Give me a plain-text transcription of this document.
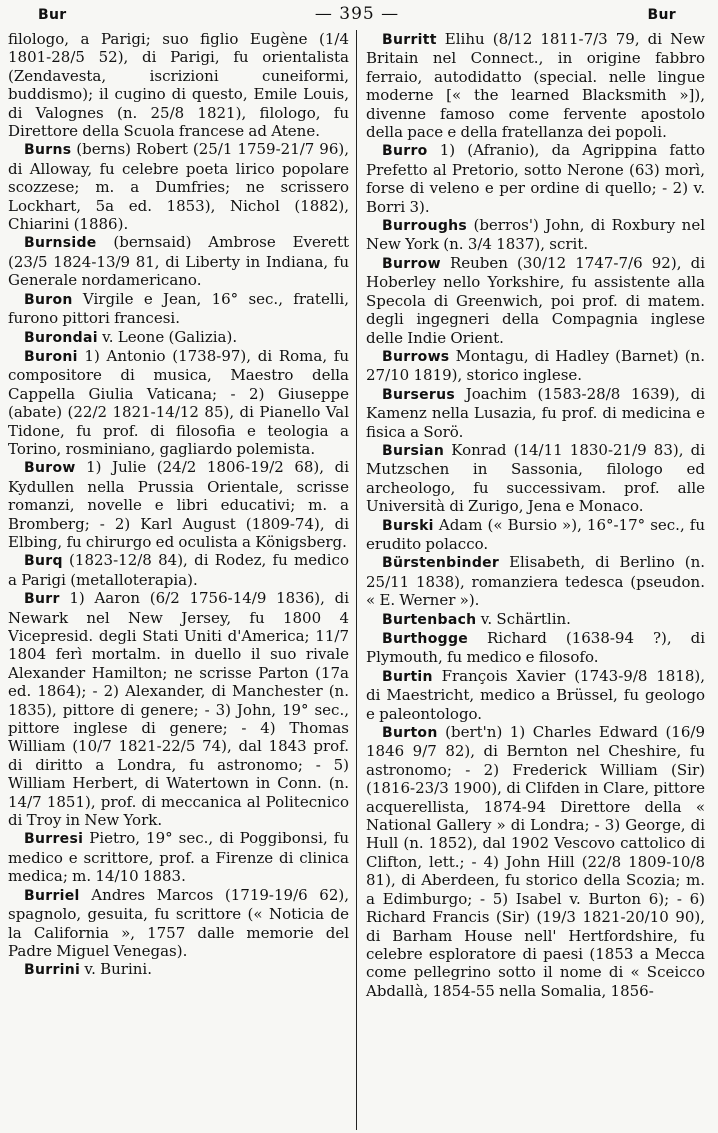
Bur	— 395 —	Bur

filologo, a Parigi; suo figlio Eugène (1/4 1801-28/5 52), di Parigi, fu orientalista (Zendavesta, iscrizioni cuneiformi, buddismo); il cugino di questo, Emile Louis, di Valognes (n. 25/8 1821), filologo, fu Direttore della Scuola francese ad Atene.

Burns (berns) Robert (25/1 1759-21/7 96), di Alloway, fu celebre poeta lirico popolare scozzese; m. a Dumfries; ne scrissero Lockhart, 5a ed. 1853), Nichol (1882), Chiarini (1886).

Burnside (bernsaid) Ambrose Everett (23/5 1824-13/9 81, di Liberty in Indiana, fu Generale nordamericano.

Buron Virgile e Jean, 16° sec., fratelli, furono pittori francesi.

Burondai v. Leone (Galizia).

Buroni 1) Antonio (1738-97), di Roma, fu compositore di musica, Maestro della Cappella Giulia Vaticana; - 2) Giuseppe (abate) (22/2 1821-14/12 85), di Pianello Val Tidone, fu prof. di filosofia e teologia a Torino, rosminiano, gagliardo polemista.

Burow 1) Julie (24/2 1806-19/2 68), di Kydullen nella Prussia Orientale, scrisse romanzi, novelle e libri educativi; m. a Bromberg; - 2) Karl August (1809-74), di Elbing, fu chirurgo ed oculista a Königsberg.

Burq (1823-12/8 84), di Rodez, fu medico a Parigi (metalloterapia).

Burr 1) Aaron (6/2 1756-14/9 1836), di Newark nel New Jersey, fu 1800 4 Vicepresid. degli Stati Uniti d'America; 11/7 1804 ferì mortalm. in duello il suo rivale Alexander Hamilton; ne scrisse Parton (17a ed. 1864); - 2) Alexander, di Manchester (n. 1835), pittore di genere; - 3) John, 19° sec., pittore inglese di genere; - 4) Thomas William (10/7 1821-22/5 74), dal 1843 prof. di diritto a Londra, fu astronomo; - 5) William Herbert, di Watertown in Conn. (n. 14/7 1851), prof. di meccanica al Politecnico di Troy in New York.

Burresi Pietro, 19° sec., di Poggibonsi, fu medico e scrittore, prof. a Firenze di clinica medica; m. 14/10 1883.

Burriel Andres Marcos (1719-19/6 62), spagnolo, gesuita, fu scrittore (« Noticia de la California », 1757 dalle memorie del Padre Miguel Venegas).

Burrini v. Burini.

Burritt Elihu (8/12 1811-7/3 79, di New Britain nel Connect., in origine fabbro ferraio, autodidatto (special. nelle lingue moderne [« the learned Blacksmith »]), divenne famoso come fervente apostolo della pace e della fratellanza dei popoli.

Burro 1) (Afranio), da Agrippina fatto Prefetto al Pretorio, sotto Nerone (63) morì, forse di veleno e per ordine di quello; - 2) v. Borri 3).

Burroughs (berros') John, di Roxbury nel New York (n. 3/4 1837), scrit.

Burrow Reuben (30/12 1747-7/6 92), di Hoberley nello Yorkshire, fu assistente alla Specola di Greenwich, poi prof. di matem. degli ingegneri della Compagnia inglese delle Indie Orient.

Burrows Montagu, di Hadley (Barnet) (n. 27/10 1819), storico inglese.

Burserus Joachim (1583-28/8 1639), di Kamenz nella Lusazia, fu prof. di medicina e fisica a Sorö.

Bursian Konrad (14/11 1830-21/9 83), di Mutzschen in Sassonia, filologo ed archeologo, fu successivam. prof. alle Università di Zurigo, Jena e Monaco.

Burski Adam (« Bursio »), 16°-17° sec., fu erudito polacco.

Bürstenbinder Elisabeth, di Berlino (n. 25/11 1838), romanziera tedesca (pseudon. « E. Werner »).

Burtenbach v. Schärtlin.

Burthogge Richard (1638-94 ?), di Plymouth, fu medico e filosofo.

Burtin François Xavier (1743-9/8 1818), di Maestricht, medico a Brüssel, fu geologo e paleontologo.

Burton (bert'n) 1) Charles Edward (16/9 1846 9/7 82), di Bernton nel Cheshire, fu astronomo; - 2) Frederick William (Sir) (1816-23/3 1900), di Clifden in Clare, pittore acquerellista, 1874-94 Direttore della « National Gallery » di Londra; - 3) George, di Hull (n. 1852), dal 1902 Vescovo cattolico di Clifton, lett.; - 4) John Hill (22/8 1809-10/8 81), di Aberdeen, fu storico della Scozia; m. a Edimburgo; - 5) Isabel v. Burton 6); - 6) Richard Francis (Sir) (19/3 1821-20/10 90), di Barham House nell' Hertfordshire, fu celebre esploratore di paesi (1853 a Mecca come pellegrino sotto il nome di « Sceicco Abdallà, 1854-55 nella Somalia, 1856-
